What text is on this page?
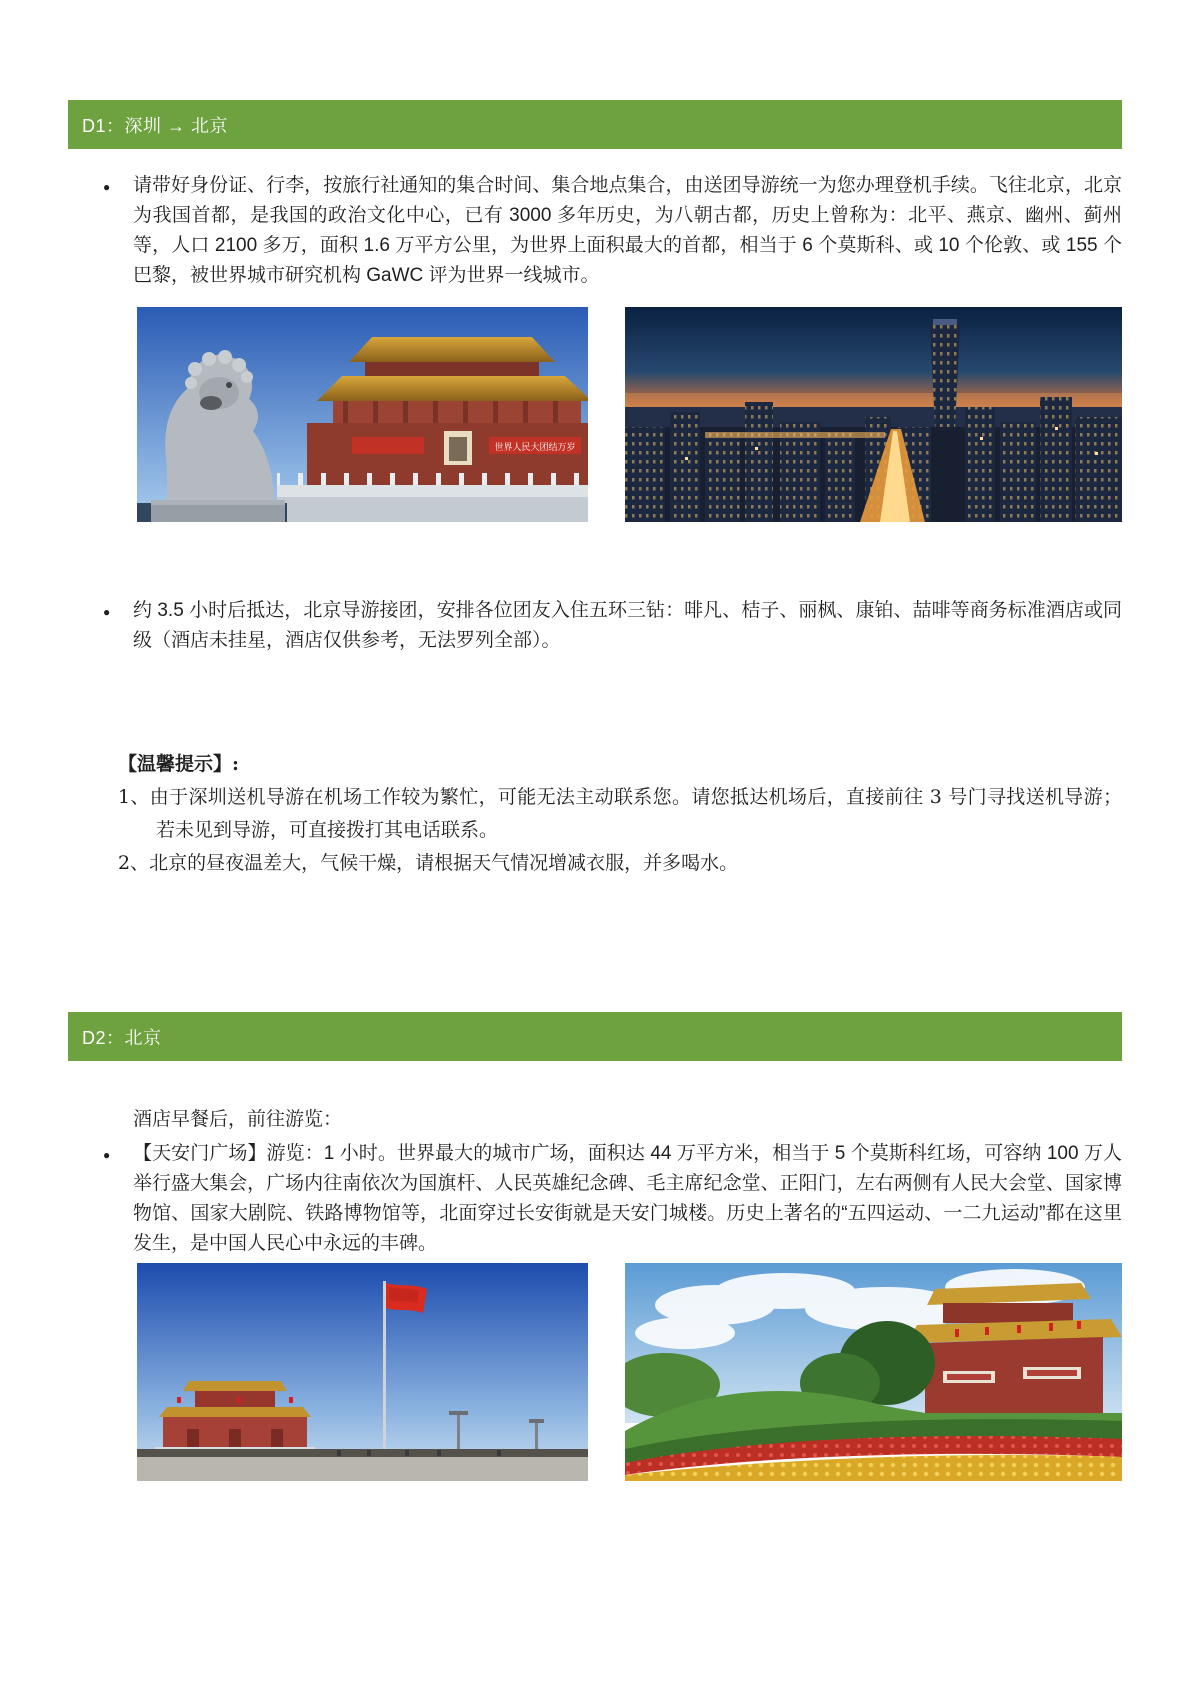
D1：深圳 → 北京
● 请带好身份证、行李，按旅行社通知的集合时间、集合地点集合，由送团导游统一为您办理登机手续。飞往北京，北京为我国首都，是我国的政治文化中心，已有 3000 多年历史，为八朝古都，历史上曾称为：北平、燕京、幽州、蓟州等，人口 2100 多万，面积 1.6 万平方公里，为世界上面积最大的首都，相当于 6 个莫斯科、或 10 个伦敦、或 155 个巴黎，被世界城市研究机构 GaWC 评为世界一线城市。
世界人民大团结万岁
● 约 3.5 小时后抵达，北京导游接团，安排各位团友入住五环三钻：啡凡、桔子、丽枫、康铂、喆啡等商务标准酒店或同级（酒店未挂星，酒店仅供参考，无法罗列全部）。

【温馨提示】:

1、由于深圳送机导游在机场工作较为繁忙，可能无法主动联系您。请您抵达机场后，直接前往 3 号门寻找送机导游；若未见到导游，可直接拨打其电话联系。

2、北京的昼夜温差大，气候干燥，请根据天气情况增减衣服，并多喝水。

D2：北京

酒店早餐后，前往游览：

● 【天安门广场】游览：1 小时。世界最大的城市广场，面积达 44 万平方米，相当于 5 个莫斯科红场，可容纳 100 万人举行盛大集会，广场内往南依次为国旗杆、人民英雄纪念碑、毛主席纪念堂、正阳门，左右两侧有人民大会堂、国家博物馆、国家大剧院、铁路博物馆等，北面穿过长安街就是天安门城楼。历史上著名的“五四运动、一二九运动”都在这里发生，是中国人民心中永远的丰碑。
